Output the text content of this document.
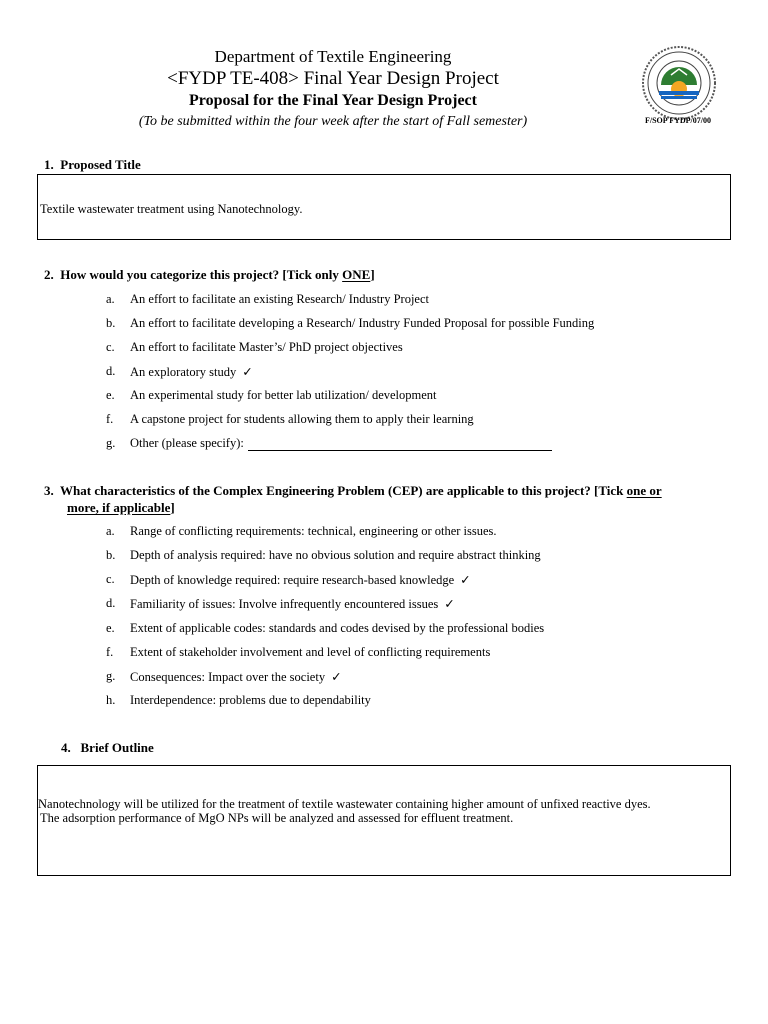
Department of Textile Engineering
<FYDP TE-408> Final Year Design Project
Proposal for the Final Year Design Project
(To be submitted within the four week after the start of Fall semester)	F/SOP FYDP/07/00
1. Proposed Title
Textile wastewater treatment using Nanotechnology.
2. How would you categorize this project? [Tick only ONE]
a.	An effort to facilitate an existing Research/ Industry Project
b.	An effort to facilitate developing a Research/ Industry Funded Proposal for possible Funding
c.	An effort to facilitate Master’s/ PhD project objectives
d.	An exploratory study ✓
e.	An experimental study for better lab utilization/ development
f.	A capstone project for students allowing them to apply their learning
g.	Other (please specify):
3. What characteristics of the Complex Engineering Problem (CEP) are applicable to this project? [Tick one or
more, if applicable]
a.	Range of conflicting requirements: technical, engineering or other issues.
b.	Depth of analysis required: have no obvious solution and require abstract thinking
c.	Depth of knowledge required: require research-based knowledge ✓
d.	Familiarity of issues: Involve infrequently encountered issues ✓
e.	Extent of applicable codes: standards and codes devised by the professional bodies
f.	Extent of stakeholder involvement and level of conflicting requirements
g.	Consequences: Impact over the society ✓
h.	Interdependence: problems due to dependability
4. Brief Outline
Nanotechnology will be utilized for the treatment of textile wastewater containing higher amount of unfixed reactive dyes.
The adsorption performance of MgO NPs will be analyzed and assessed for effluent treatment.
